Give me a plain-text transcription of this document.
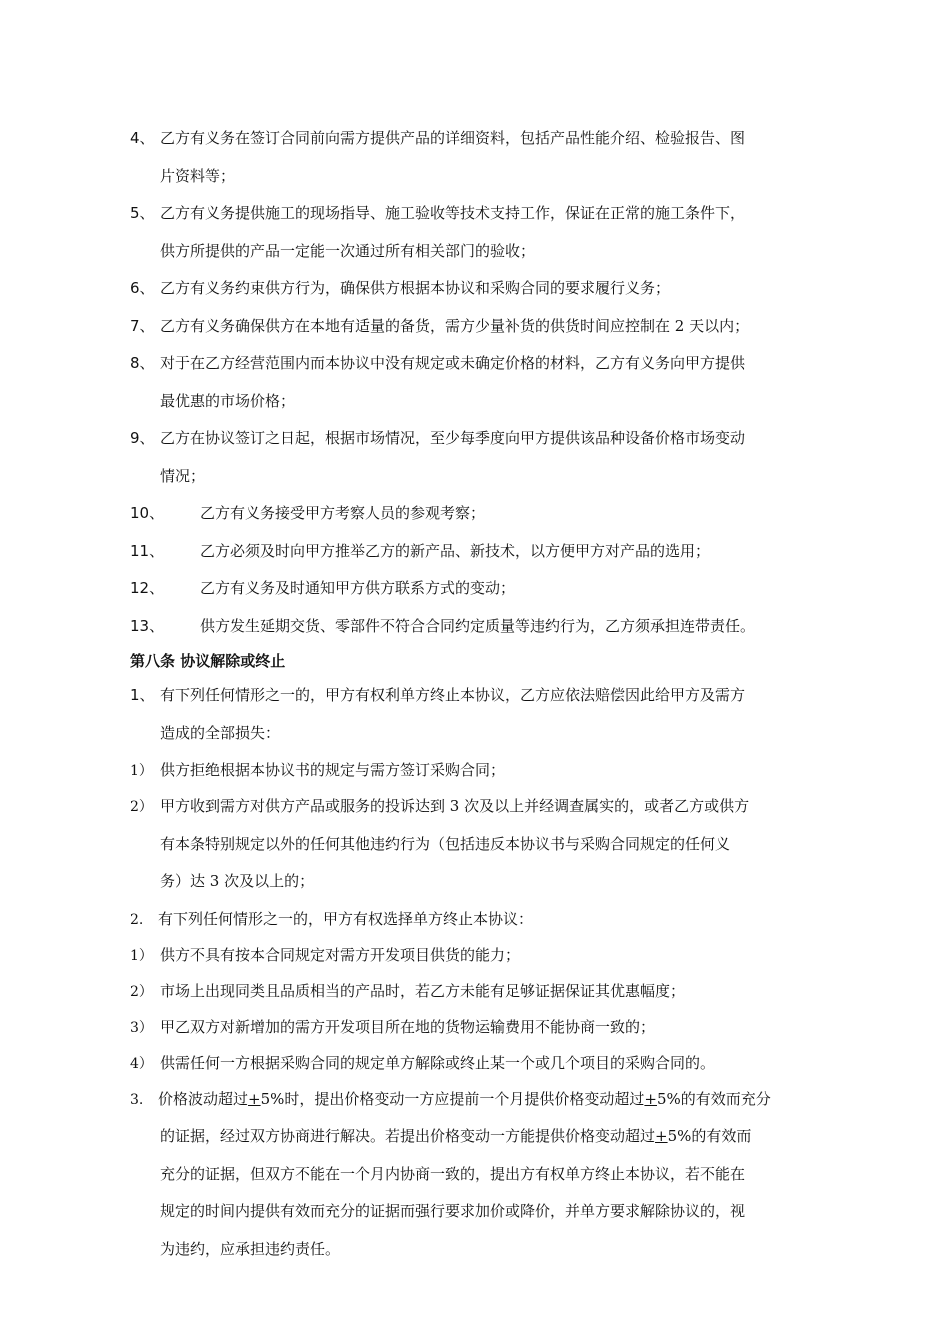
4、 乙方有义务在签订合同前向需方提供产品的详细资料，包括产品性能介绍、检验报告、图
片资料等；
5、 乙方有义务提供施工的现场指导、施工验收等技术支持工作，保证在正常的施工条件下，
供方所提供的产品一定能一次通过所有相关部门的验收；
6、 乙方有义务约束供方行为，确保供方根据本协议和采购合同的要求履行义务；
7、 乙方有义务确保供方在本地有适量的备货，需方少量补货的供货时间应控制在 2 天以内；
8、 对于在乙方经营范围内而本协议中没有规定或未确定价格的材料，乙方有义务向甲方提供
最优惠的市场价格；
9、 乙方在协议签订之日起，根据市场情况，至少每季度向甲方提供该品种设备价格市场变动
情况；
10、 乙方有义务接受甲方考察人员的参观考察；
11、 乙方必须及时向甲方推举乙方的新产品、新技术，以方便甲方对产品的选用；
12、 乙方有义务及时通知甲方供方联系方式的变动；
13、 供方发生延期交货、零部件不符合合同约定质量等违约行为，乙方须承担连带责任。
第八条 协议解除或终止
1、 有下列任何情形之一的，甲方有权利单方终止本协议，乙方应依法赔偿因此给甲方及需方
造成的全部损失：
1） 供方拒绝根据本协议书的规定与需方签订采购合同；
2） 甲方收到需方对供方产品或服务的投诉达到 3 次及以上并经调查属实的，或者乙方或供方
有本条特别规定以外的任何其他违约行为（包括违反本协议书与采购合同规定的任何义
务）达 3 次及以上的；
2. 有下列任何情形之一的，甲方有权选择单方终止本协议：
1） 供方不具有按本合同规定对需方开发项目供货的能力；
2） 市场上出现同类且品质相当的产品时，若乙方未能有足够证据保证其优惠幅度；
3） 甲乙双方对新增加的需方开发项目所在地的货物运输费用不能协商一致的；
4） 供需任何一方根据采购合同的规定单方解除或终止某一个或几个项目的采购合同的。
3. 价格波动超过+5%时，提出价格变动一方应提前一个月提供价格变动超过+5%的有效而充分
的证据，经过双方协商进行解决。若提出价格变动一方能提供价格变动超过+5%的有效而
充分的证据，但双方不能在一个月内协商一致的，提出方有权单方终止本协议，若不能在
规定的时间内提供有效而充分的证据而强行要求加价或降价，并单方要求解除协议的，视
为违约，应承担违约责任。
